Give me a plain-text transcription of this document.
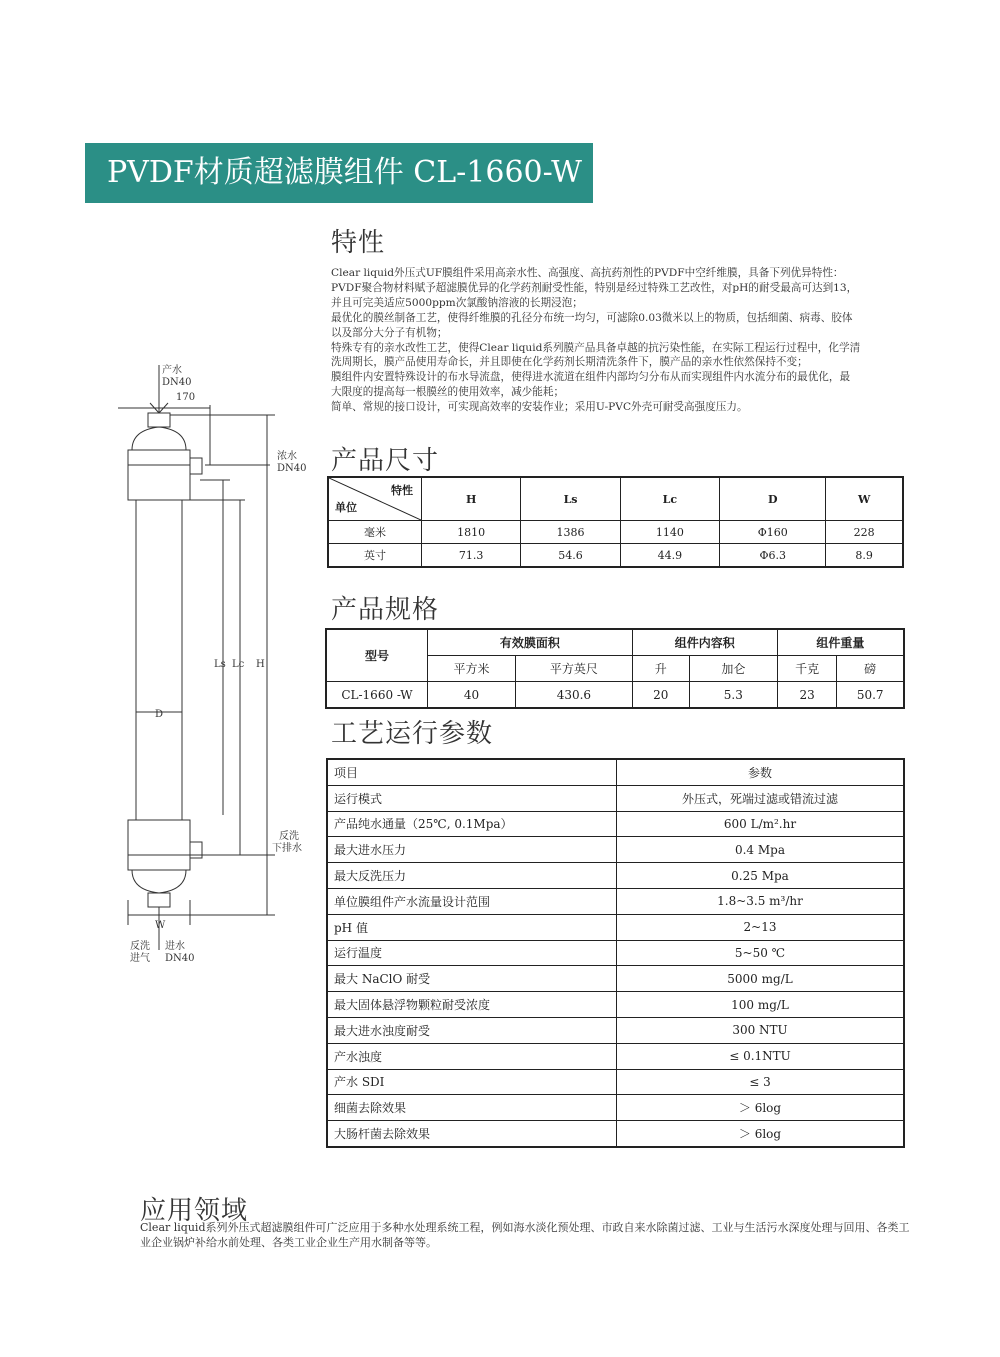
PVDF材质超滤膜组件 CL-1660-W
特性

Clear liquid外压式UF膜组件采用高亲水性、高强度、高抗药剂性的PVDF中空纤维膜，具备下列优异特性：

PVDF聚合物材料赋予超滤膜优异的化学药剂耐受性能，特别是经过特殊工艺改性，对pH的耐受最高可达到13，

并且可完美适应5000ppm次氯酸钠溶液的长期浸泡；

最优化的膜丝制备工艺，使得纤维膜的孔径分布统一均匀，可滤除0.03微米以上的物质，包括细菌、病毒、胶体

以及部分大分子有机物；

特殊专有的亲水改性工艺，使得Clear liquid系列膜产品具备卓越的抗污染性能，在实际工程运行过程中，化学清

洗周期长，膜产品使用寿命长，并且即使在化学药剂长期清洗条件下，膜产品的亲水性依然保持不变；

膜组件内安置特殊设计的布水导流盘，使得进水流道在组件内部均匀分布从而实现组件内水流分布的最优化，最

大限度的提高每一根膜丝的使用效率，减少能耗；

简单、常规的接口设计，可实现高效率的安装作业；采用U-PVC外壳可耐受高强度压力。

产水
DN40
170
浓水
DN40
Ls Lc H
D
反洗
下排水
W
反洗
进气
进水
DN40
产品尺寸
特性
单位	H	Ls	Lc	D	W
毫米	1810	1386	1140	Φ160	228
英寸	71.3	54.6	44.9	Φ6.3	8.9
产品规格
型号	有效膜面积		组件内容积		组件重量	
	平方米	平方英尺	升	加仑	千克	磅
CL-1660 -W	40	430.6	20	5.3	23	50.7
工艺运行参数
项目	参数
运行模式	外压式，死端过滤或错流过滤
产品纯水通量（25℃, 0.1Mpa）	600 L/m².hr
最大进水压力	0.4 Mpa
最大反洗压力	0.25 Mpa
单位膜组件产水流量设计范围	1.8~3.5 m³/hr
pH 值	2~13
运行温度	5~50 ℃
最大 NaClO 耐受	5000 mg/L
最大固体悬浮物颗粒耐受浓度	100 mg/L
最大进水浊度耐受	300 NTU
产水浊度	≤ 0.1NTU
产水 SDI	≤ 3
细菌去除效果	＞ 6log
大肠杆菌去除效果	＞ 6log
应用领域

Clear liquid系列外压式超滤膜组件可广泛应用于多种水处理系统工程，例如海水淡化预处理、市政自来水除菌过滤、工业与生活污水深度处理与回用、各类工业企业锅炉补给水前处理、各类工业企业生产用水制备等等。
